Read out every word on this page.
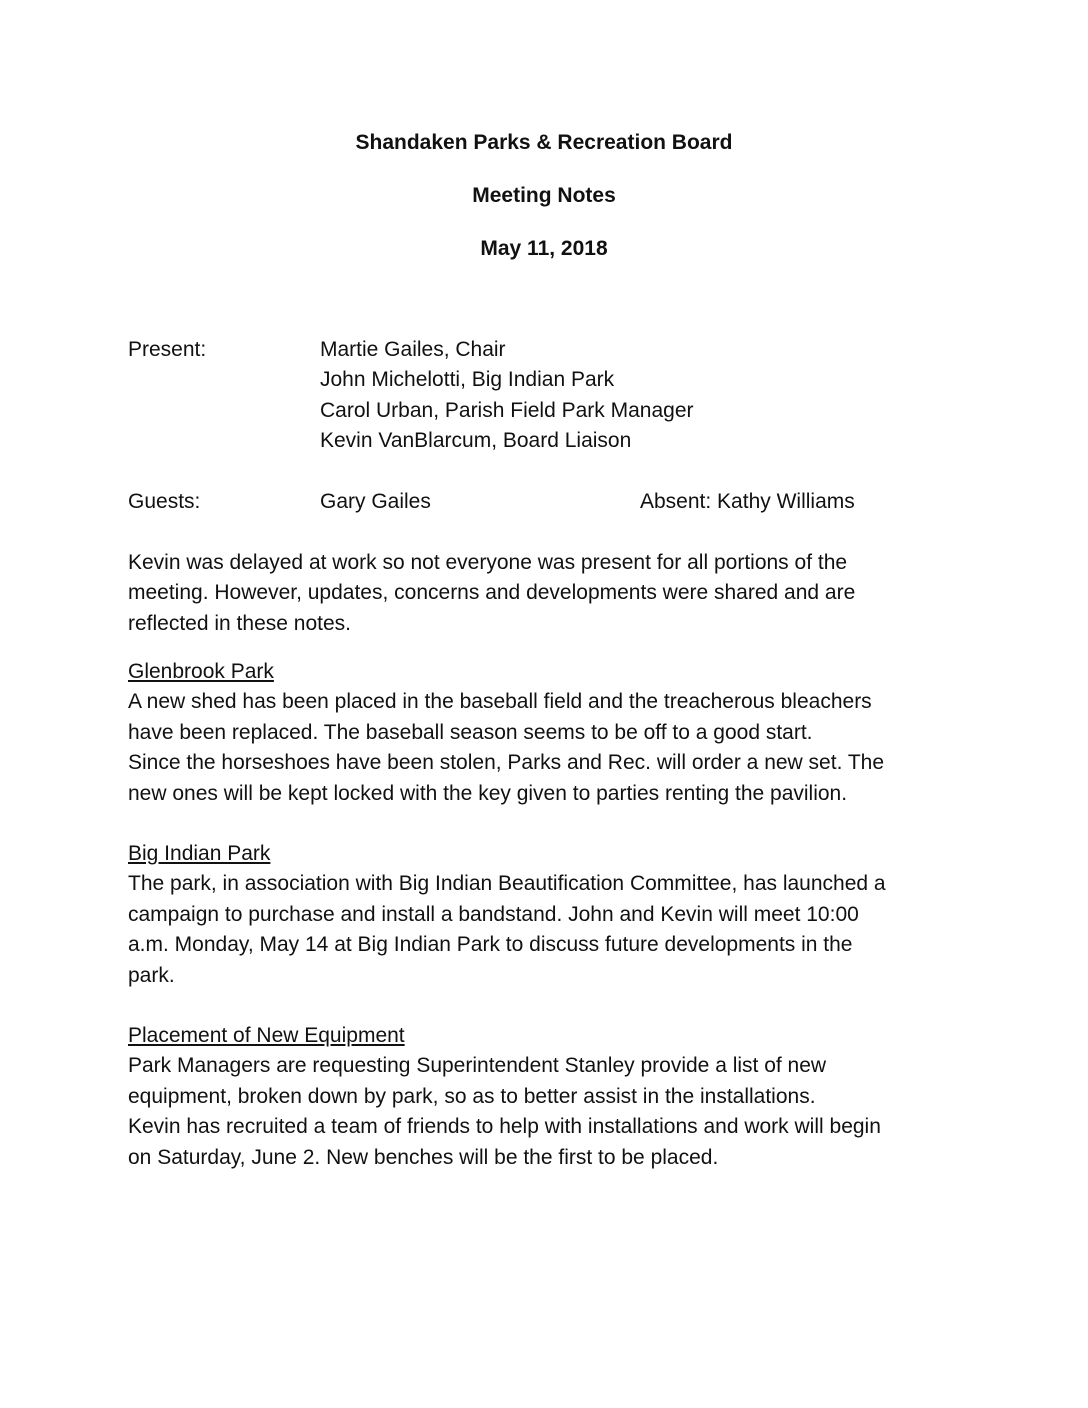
Shandaken Parks & Recreation Board
Meeting Notes
May 11, 2018
Present:	Martie Gailes, Chair
John Michelotti, Big Indian Park
Carol Urban, Parish Field Park Manager
Kevin VanBlarcum, Board Liaison
Guests:	Gary Gailes	Absent: Kathy Williams
Kevin was delayed at work so not everyone was present for all portions of the
meeting. However, updates, concerns and developments were shared and are
reflected in these notes.
Glenbrook Park
A new shed has been placed in the baseball field and the treacherous bleachers
have been replaced. The baseball season seems to be off to a good start.
Since the horseshoes have been stolen, Parks and Rec. will order a new set. The
new ones will be kept locked with the key given to parties renting the pavilion.
Big Indian Park
The park, in association with Big Indian Beautification Committee, has launched a
campaign to purchase and install a bandstand. John and Kevin will meet 10:00
a.m. Monday, May 14 at Big Indian Park to discuss future developments in the
park.
Placement of New Equipment
Park Managers are requesting Superintendent Stanley provide a list of new
equipment, broken down by park, so as to better assist in the installations.
Kevin has recruited a team of friends to help with installations and work will begin
on Saturday, June 2. New benches will be the first to be placed.
